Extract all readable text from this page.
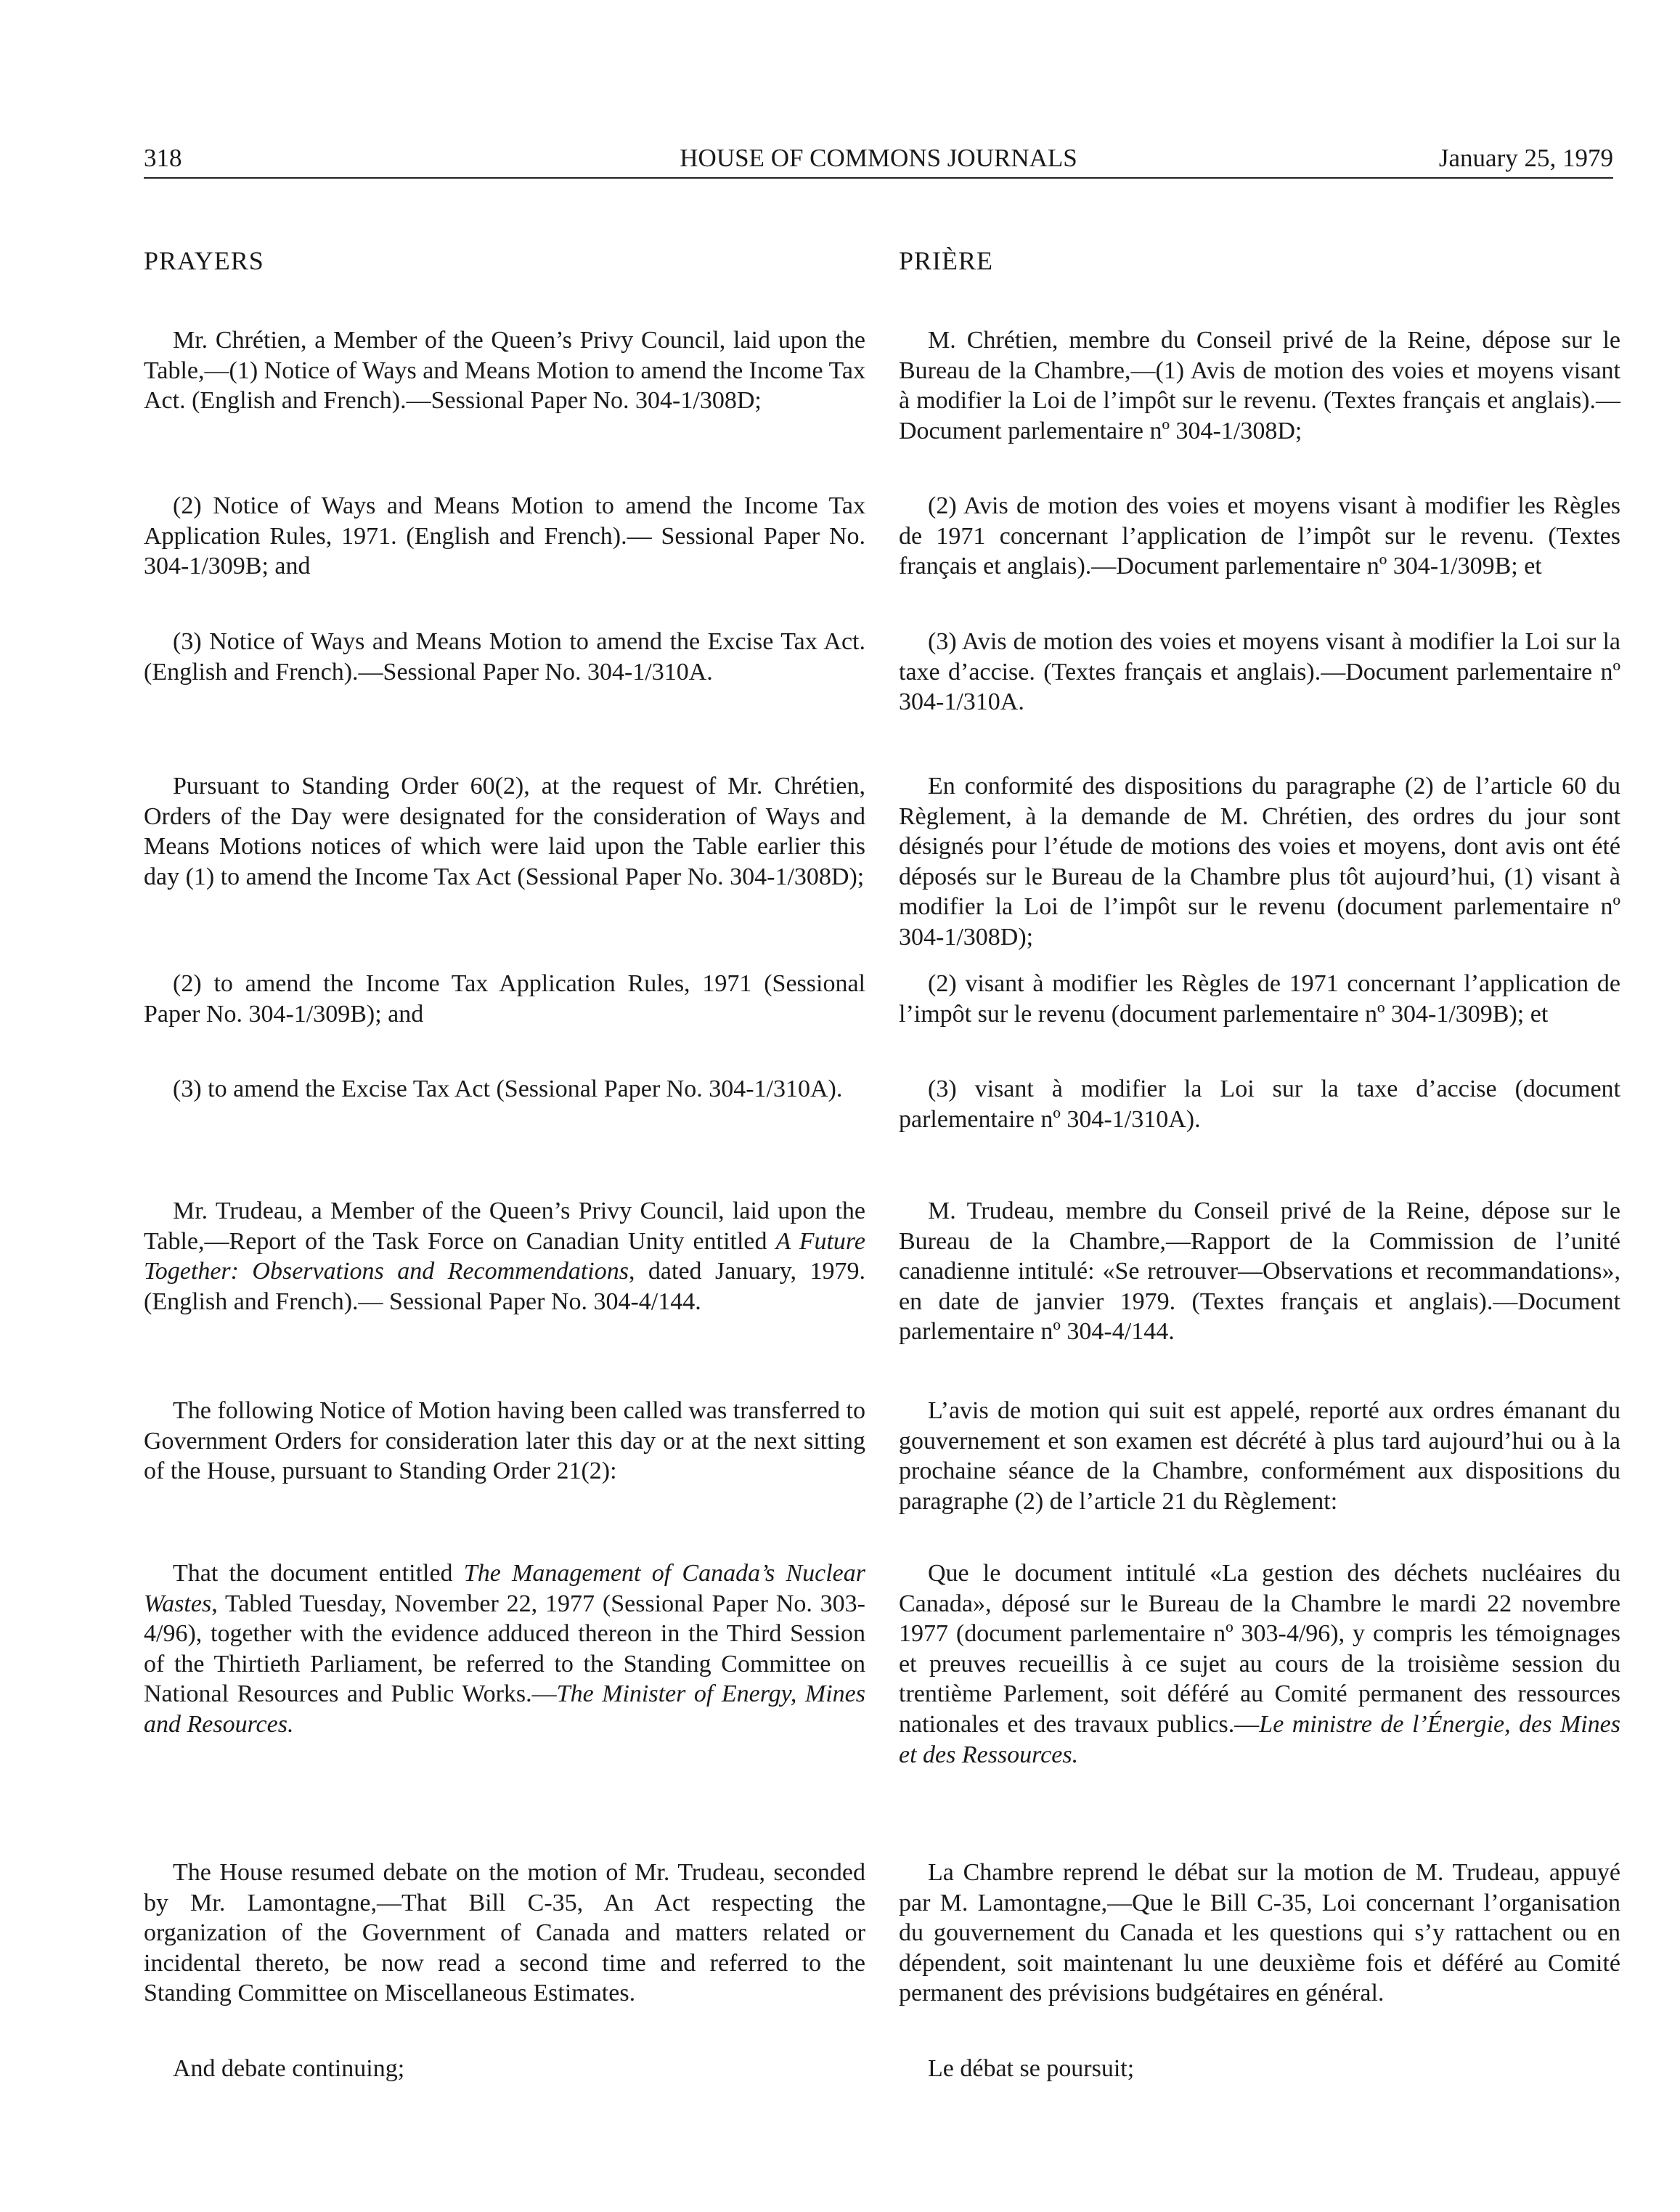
318	HOUSE OF COMMONS JOURNALS	January 25, 1979
PRAYERS

Mr. Chrétien, a Member of the Queen’s Privy Council, laid upon the Table,—(1) Notice of Ways and Means Motion to amend the Income Tax Act. (English and French).—Sessional Paper No. 304-1/308D;

(2) Notice of Ways and Means Motion to amend the Income Tax Application Rules, 1971. (English and French).— Sessional Paper No. 304-1/309B; and

(3) Notice of Ways and Means Motion to amend the Excise Tax Act. (English and French).—Sessional Paper No. 304-1/310A.

Pursuant to Standing Order 60(2), at the request of Mr. Chrétien, Orders of the Day were designated for the consideration of Ways and Means Motions notices of which were laid upon the Table earlier this day (1) to amend the Income Tax Act (Sessional Paper No. 304-1/308D);

(2) to amend the Income Tax Application Rules, 1971 (Sessional Paper No. 304-1/309B); and

(3) to amend the Excise Tax Act (Sessional Paper No. 304-1/310A).

Mr. Trudeau, a Member of the Queen’s Privy Council, laid upon the Table,—Report of the Task Force on Canadian Unity entitled A Future Together: Observations and Recommendations, dated January, 1979. (English and French).— Sessional Paper No. 304-4/144.

The following Notice of Motion having been called was transferred to Government Orders for consideration later this day or at the next sitting of the House, pursuant to Standing Order 21(2):

That the document entitled The Management of Canada’s Nuclear Wastes, Tabled Tuesday, November 22, 1977 (Sessional Paper No. 303-4/96), together with the evidence adduced thereon in the Third Session of the Thirtieth Parliament, be referred to the Standing Committee on National Resources and Public Works.—The Minister of Energy, Mines and Resources.

The House resumed debate on the motion of Mr. Trudeau, seconded by Mr. Lamontagne,—That Bill C-35, An Act respecting the organization of the Government of Canada and matters related or incidental thereto, be now read a second time and referred to the Standing Committee on Miscellaneous Estimates.

And debate continuing;

PRIÈRE

M. Chrétien, membre du Conseil privé de la Reine, dépose sur le Bureau de la Chambre,—(1) Avis de motion des voies et moyens visant à modifier la Loi de l’impôt sur le revenu. (Textes français et anglais).—Document parlementaire nº 304-1/308D;

(2) Avis de motion des voies et moyens visant à modifier les Règles de 1971 concernant l’application de l’impôt sur le revenu. (Textes français et anglais).—Document parlementaire nº 304-1/309B; et

(3) Avis de motion des voies et moyens visant à modifier la Loi sur la taxe d’accise. (Textes français et anglais).—Document parlementaire nº 304-1/310A.

En conformité des dispositions du paragraphe (2) de l’article 60 du Règlement, à la demande de M. Chrétien, des ordres du jour sont désignés pour l’étude de motions des voies et moyens, dont avis ont été déposés sur le Bureau de la Chambre plus tôt aujourd’hui, (1) visant à modifier la Loi de l’impôt sur le revenu (document parlementaire nº 304-1/308D);

(2) visant à modifier les Règles de 1971 concernant l’application de l’impôt sur le revenu (document parlementaire nº 304-1/309B); et

(3) visant à modifier la Loi sur la taxe d’accise (document parlementaire nº 304-1/310A).

M. Trudeau, membre du Conseil privé de la Reine, dépose sur le Bureau de la Chambre,—Rapport de la Commission de l’unité canadienne intitulé: «Se retrouver—Observations et recommandations», en date de janvier 1979. (Textes français et anglais).—Document parlementaire nº 304-4/144.

L’avis de motion qui suit est appelé, reporté aux ordres émanant du gouvernement et son examen est décrété à plus tard aujourd’hui ou à la prochaine séance de la Chambre, conformément aux dispositions du paragraphe (2) de l’article 21 du Règlement:

Que le document intitulé «La gestion des déchets nucléaires du Canada», déposé sur le Bureau de la Chambre le mardi 22 novembre 1977 (document parlementaire nº 303-4/96), y compris les témoignages et preuves recueillis à ce sujet au cours de la troisième session du trentième Parlement, soit déféré au Comité permanent des ressources nationales et des travaux publics.—Le ministre de l’Énergie, des Mines et des Ressources.

La Chambre reprend le débat sur la motion de M. Trudeau, appuyé par M. Lamontagne,—Que le Bill C-35, Loi concernant l’organisation du gouvernement du Canada et les questions qui s’y rattachent ou en dépendent, soit maintenant lu une deuxième fois et déféré au Comité permanent des prévisions budgétaires en général.

Le débat se poursuit;
